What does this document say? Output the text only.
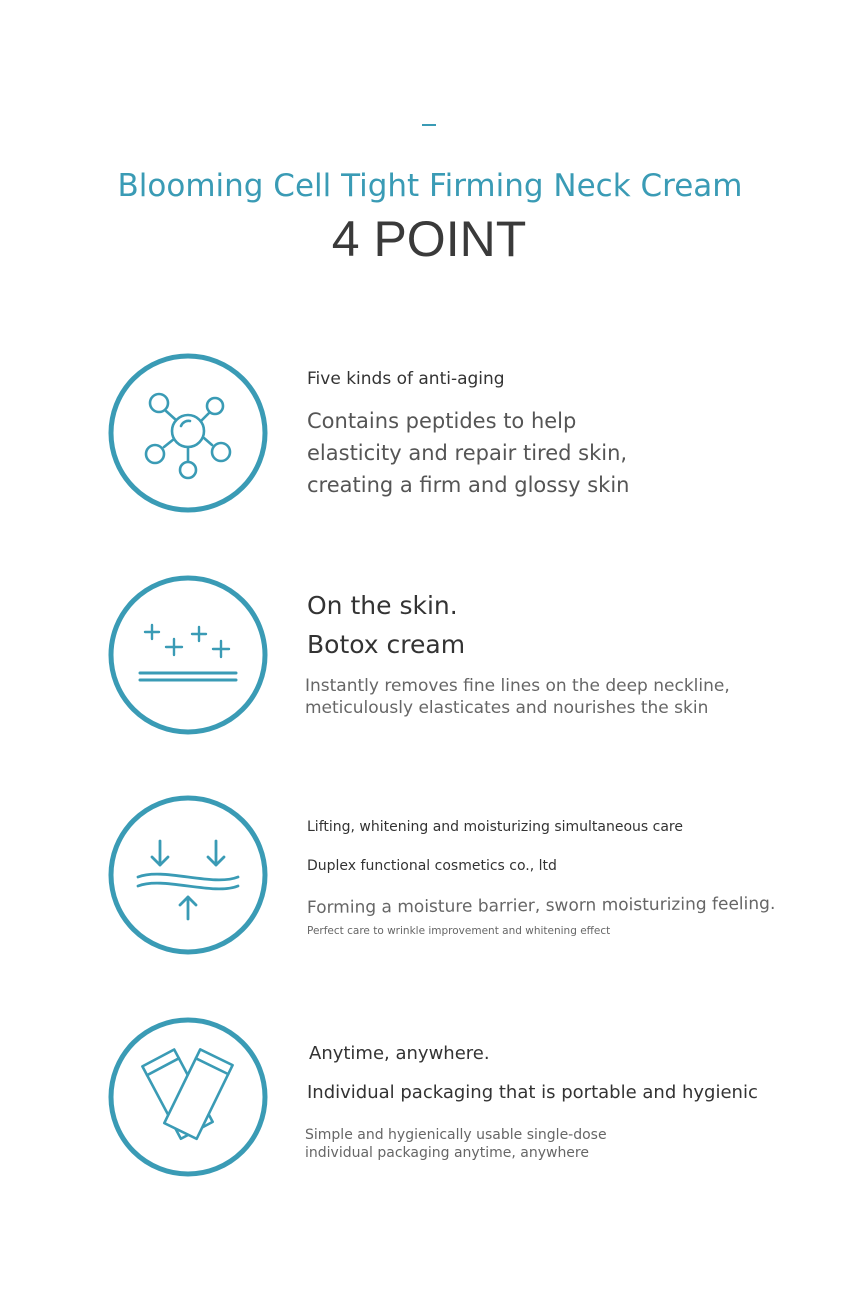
Blooming Cell Tight Firming Neck Cream
4 POINT

Five kinds of anti-aging

Contains peptides to help

elasticity and repair tired skin,

creating a firm and glossy skin

On the skin.

Botox cream

Instantly removes fine lines on the deep neckline,

meticulously elasticates and nourishes the skin

Lifting, whitening and moisturizing simultaneous care

Duplex functional cosmetics co., ltd

Forming a moisture barrier, sworn moisturizing feeling.

Perfect care to wrinkle improvement and whitening effect

Anytime, anywhere.

Individual packaging that is portable and hygienic

Simple and hygienically usable single-dose

individual packaging anytime, anywhere
